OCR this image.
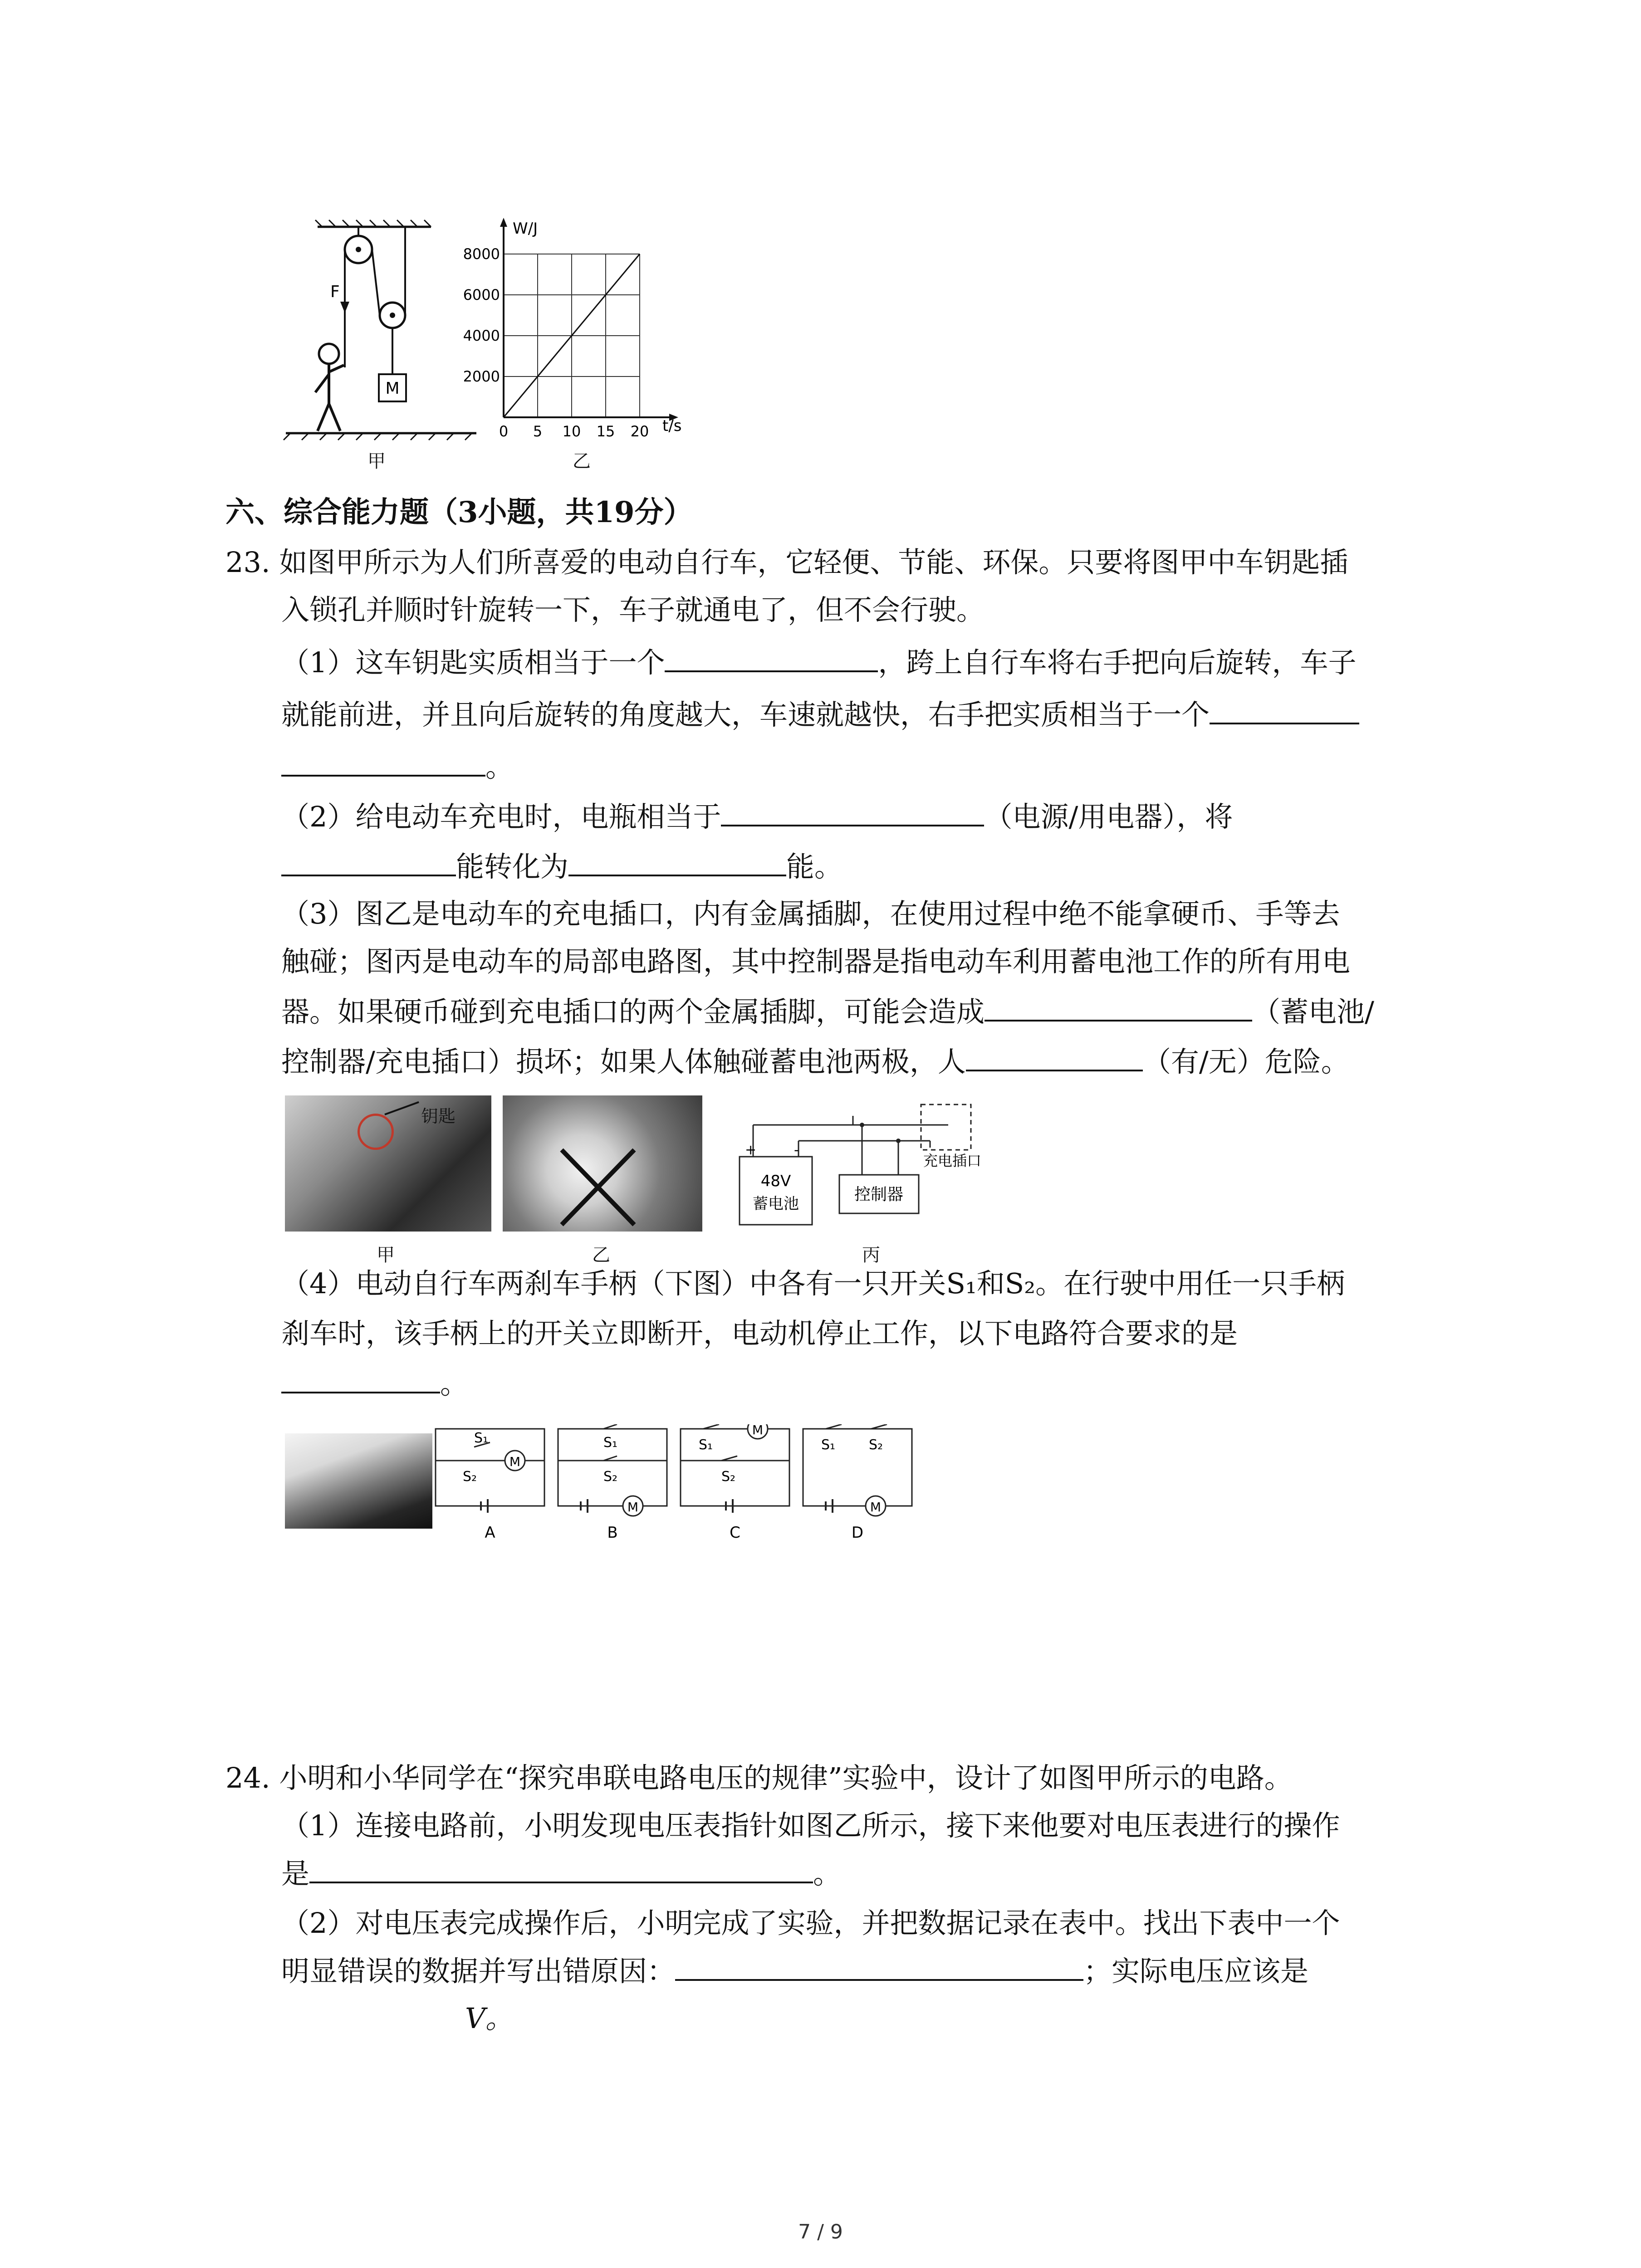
M
F
甲
0 5 10 15 20
2000
4000
6000
8000
W/J
t/s
乙
六、综合能力题（3小题，共19分）
23. 如图甲所示为人们所喜爱的电动自行车，它轻便、节能、环保。只要将图甲中车钥匙插
入锁孔并顺时针旋转一下，车子就通电了，但不会行驶。
（1）这车钥匙实质相当于一个	，跨上自行车将右手把向后旋转，车子
就能前进，并且向后旋转的角度越大，车速就越快，右手把实质相当于一个
。
（2）给电动车充电时，电瓶相当于	（电源/用电器），将
能转化为	能。
（3）图乙是电动车的充电插口，内有金属插脚，在使用过程中绝不能拿硬币、手等去
触碰；图丙是电动车的局部电路图，其中控制器是指电动车利用蓄电池工作的所有用电
器。如果硬币碰到充电插口的两个金属插脚，可能会造成	（蓄电池/
控制器/充电插口）损坏；如果人体触碰蓄电池两极，人	（有/无）危险。
钥匙
甲	乙
+	-
48V
蓄电池	控制器
充电插口
丙
（4）电动自行车两刹车手柄（下图）中各有一只开关S₁和S₂。在行驶中用任一只手柄
刹车时，该手柄上的开关立即断开，电动机停止工作，以下电路符合要求的是
。
M
S₁
S₂
A
M
S₁
S₂
B
M
S₁
S₂
C
M
S₁ S₂
D
24. 小明和小华同学在“探究串联电路电压的规律”实验中，设计了如图甲所示的电路。
（1）连接电路前，小明发现电压表指针如图乙所示，接下来他要对电压表进行的操作
是	。
（2）对电压表完成操作后，小明完成了实验，并把数据记录在表中。找出下表中一个
明显错误的数据并写出错原因：	；实际电压应该是
V。
7 / 9
